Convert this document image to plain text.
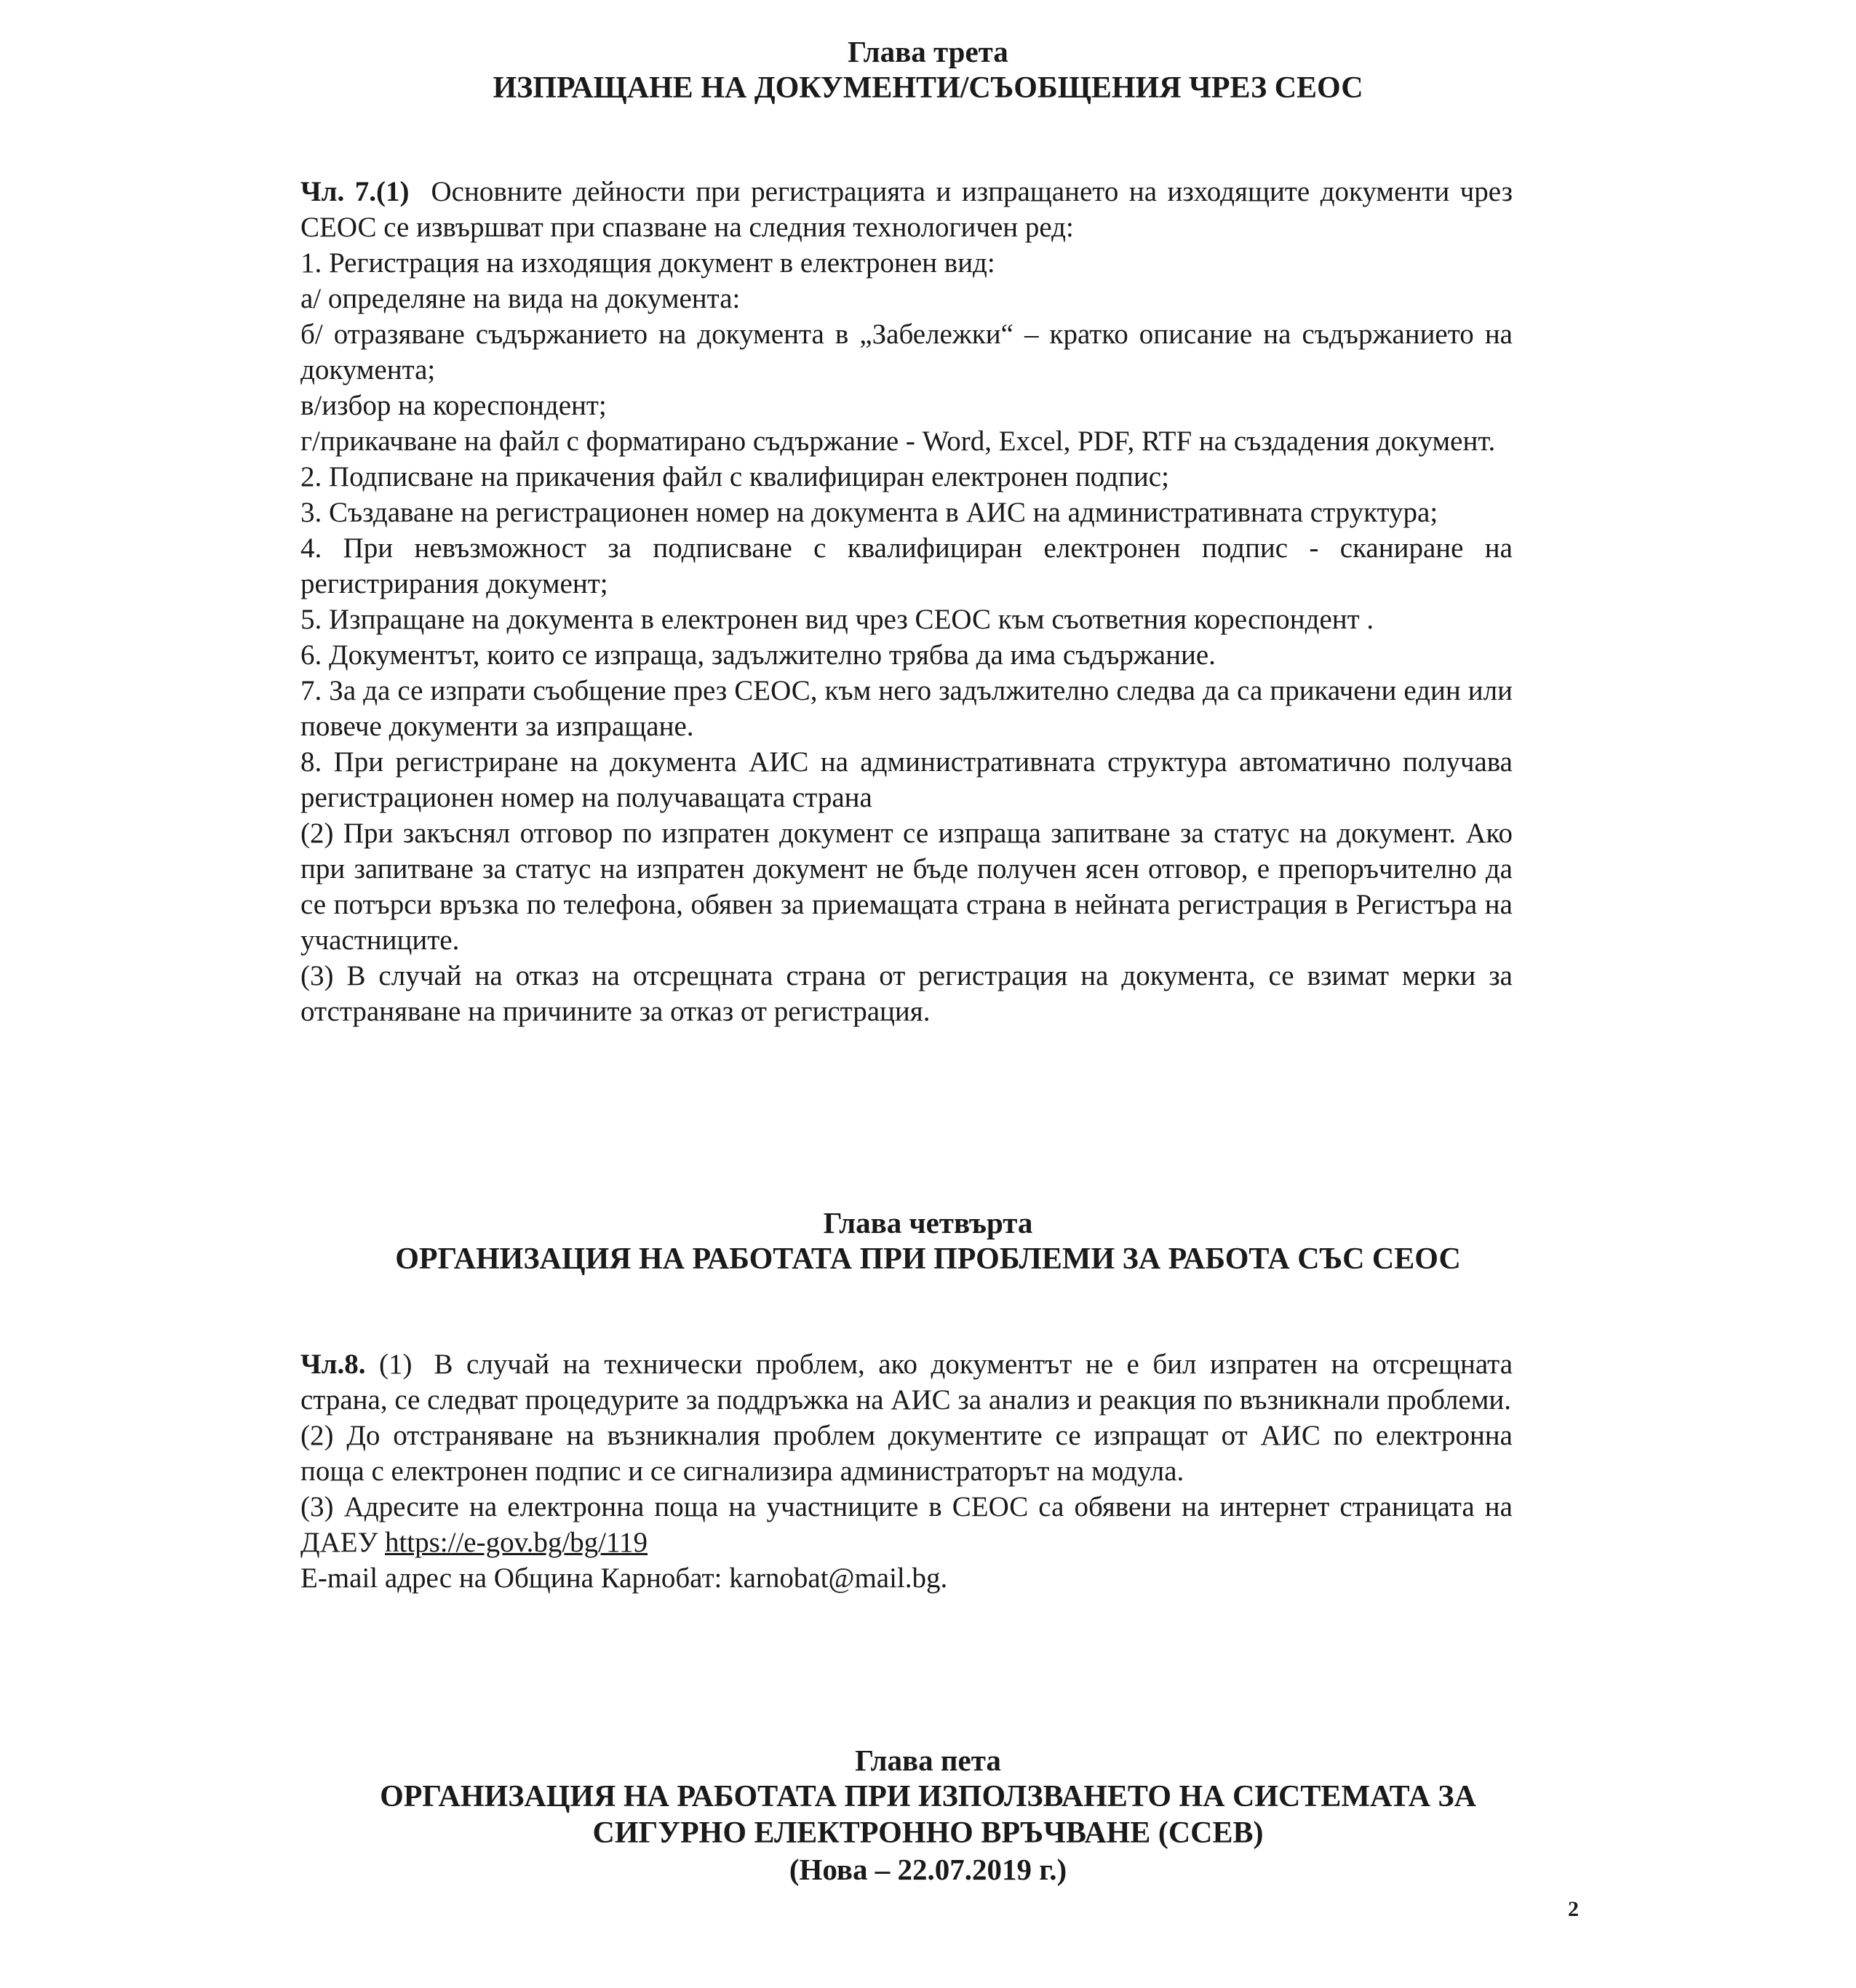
Глава трета
ИЗПРАЩАНЕ НА ДОКУМЕНТИ/СЪОБЩЕНИЯ ЧРЕЗ СЕОС

Чл. 7.(1) Основните дейности при регистрацията и изпращането на изходящите документи чрез СЕОС се извършват при спазване на следния технологичен ред:

1. Регистрация на изходящия документ в електронен вид:

а/ определяне на вида на документа:

б/ отразяване съдържанието на документа в „Забележки“ – кратко описание на съдържанието на документа;

в/избор на кореспондент;

г/прикачване на файл с форматирано съдържание - Word, Excel, PDF, RTF на създадения документ.

2. Подписване на прикачения файл с квалифициран електронен подпис;

3. Създаване на регистрационен номер на документа в АИС на административната структура;

4. При невъзможност за подписване с квалифициран електронен подпис - сканиране на регистрирания документ;

5. Изпращане на документа в електронен вид чрез СЕОС към съответния кореспондент .

6. Документът, които се изпраща, задължително трябва да има съдържание.

7. За да се изпрати съобщение през СЕОС, към него задължително следва да са прикачени един или повече документи за изпращане.

8. При регистриране на документа АИС на административната структура автоматично получава регистрационен номер на получаващата страна

(2) При закъснял отговор по изпратен документ се изпраща запитване за статус на документ. Ако при запитване за статус на изпратен документ не бъде получен ясен отговор, е препоръчително да се потърси връзка по телефона, обявен за приемащата страна в нейната регистрация в Регистъра на участниците.

(3) В случай на отказ на отсрещната страна от регистрация на документа, се взимат мерки за отстраняване на причините за отказ от регистрация.

Глава четвърта
ОРГАНИЗАЦИЯ НА РАБОТАТА ПРИ ПРОБЛЕМИ ЗА РАБОТА СЪС СЕОС

Чл.8. (1) В случай на технически проблем, ако документът не е бил изпратен на отсрещната страна, се следват процедурите за поддръжка на АИС за анализ и реакция по възникнали проблеми.

(2) До отстраняване на възникналия проблем документите се изпращат от АИС по електронна поща с електронен подпис и се сигнализира администраторът на модула.

(3) Адресите на електронна поща на участниците в СЕОС са обявени на интернет страницата на ДАЕУ https://e-gov.bg/bg/119

E-mail адрес на Община Карнобат: karnobat@mail.bg.

Глава пета
ОРГАНИЗАЦИЯ НА РАБОТАТА ПРИ ИЗПОЛЗВАНЕТО НА СИСТЕМАТА ЗА
СИГУРНО ЕЛЕКТРОННО ВРЪЧВАНЕ (ССЕВ)
(Нова – 22.07.2019 г.)
2
